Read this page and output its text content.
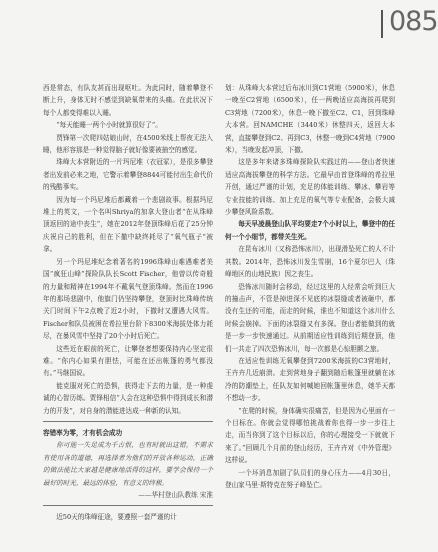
085

西是常态，有队友甚而出现呕吐。为此同时，随着攀登不断上升，身体无时不感觉到缺氧带来的头痛。在此状况下每个人都变得难以入睡。

“每天能睡一两个小时就算很好了”。

贾锋第一次爬四姑娘山时，在4500米线上帮夜无法入睡，他形容那是一种觉得脑子就好像要被抽空的感觉。

珠峰大本营附近的一片玛尼堆（衣冠冢），是很多攀登者出发前必来之地，它警示着攀登8844可能付出生命代价的残酷事实。

因为每一个玛尼堆后都藏着一个悲剧故事。根据玛尼堆上的英文，一个名叫Shriya的加拿大登山者“在从珠峰顶返回的途中丧生”，她在2012年登顶珠峰后花了25分钟庆祝自己的胜利，但在下撤中缺终耗尽了“氧气瓶子”被拿。

另一个玛尼堆纪念着著名的1996珠峰山难遇难者美国“疯狂山峰”探险队队长Scott Fischer，他曾以传奇般的力量和精神在1994年不戴氧气登顶珠峰。然而在1996年的那场悲剧中，他旗门仍坚持攀登，登顶时比珠峰传统关门时间下午2点晚了近2小时，下撤时又遭遇大风雪。Fischer和队员被困在希拉里台阶下8300米海拔处体力耗尽，在暴风雪中坚持了20个小时后死亡。

这些近在眼前的死亡，让攀登者想要保持内心坚定很难。“你内心如果有胆怯，可能在还出帐篷的勇气都没有。”马继国说。

能克服对死亡的恐惧，获得走下去的力量，是一种虔诚的心智历练。贾锋相信“人会在这种恐惧中得到成长和潜力的开发”，对自身的潜能进达成一种新的认知。

容错率为零，才有机会成功

你可能一失足成为千古恨，也有时就出这错，不需求有使用各的道德，再选择者为他们的开放各种运动，正确的做法能比大家越是健康地活得的这样，要学会保持一个最好的时光，最远的体验，有意义的终极。

——华村登山队教练 宋淮

近50天的珠峰征途，要遵照一套严谨的计

划：从珠峰大本营过后布冰川到C1营地（5900米），休息一晚至C2营地（6500米），任一两晚适应高海拔再爬到C3营地（7200米），休息一晚下撤至C2、C1，回到珠峰大本营。回NAMCHE（3440米）休整四天，返回大本营，直接攀登到C2、再到C3，休整一晚到C4营地（7900米），当晚发起冲顶，下撤。

这是多年来诸多珠峰探险队实践过的——登山者快速适应高海拔攀登的科学方法。它最早由首登珠峰的希拉里开创，通过严谨的计划，充足的体能训练、攀冰、攀岩等专业技能的训练、加上充足的氧气等专业配备，会极大减少攀登风险系数。

每天早凌晨登山队平均要走7个小时以上，攀登中的任何一个小细节，都带关生死。

在昆布冰川（又称恐怖冰川），出现滑坠死亡的人不计其数。2014年，恐怖冰川发生雪崩，16个夏尔巴人（珠峰地区的山地民族）因之丧生。

恐怖冰川随时会移动，经过这里的人经常会听到巨大的撞击声，不管是掉进深不见底的冰裂缝或者被砸中，都没有生还的可能，而走的时候，谁也不知道这个冰川什么时候会崩掉。下面的冰裂缝又有多深。登山者能做到的就是一步一步快速通过。从前期适应性训练到后期登顶，他们一共走了四次恐怖冰川，每一次都是心惊胆颤之旅。

在适应性训练无氧攀登到7200米海拔的C3营地时，王卉卉几近崩溃。走到营地身子翻到随后帐篷里就躺在冰冷的防潮垫上，任队友如何喊她回帐篷里休息，她半天都不想动一步。

“在爬的时候，身体确实很痛苦，但是因为心里面有一个目标在。你就会觉得哪怕挑战着你也得一步一步往上走，而当你到了这个目标以后，你的心理接受一下就就下来了。”回顾几个月前的登山经历，王卉卉对《中外管理》这样说。

一个坏消息加剧了队员们的身心压力——4月30日，登山家马里·斯特克在努子峰坠亡。
